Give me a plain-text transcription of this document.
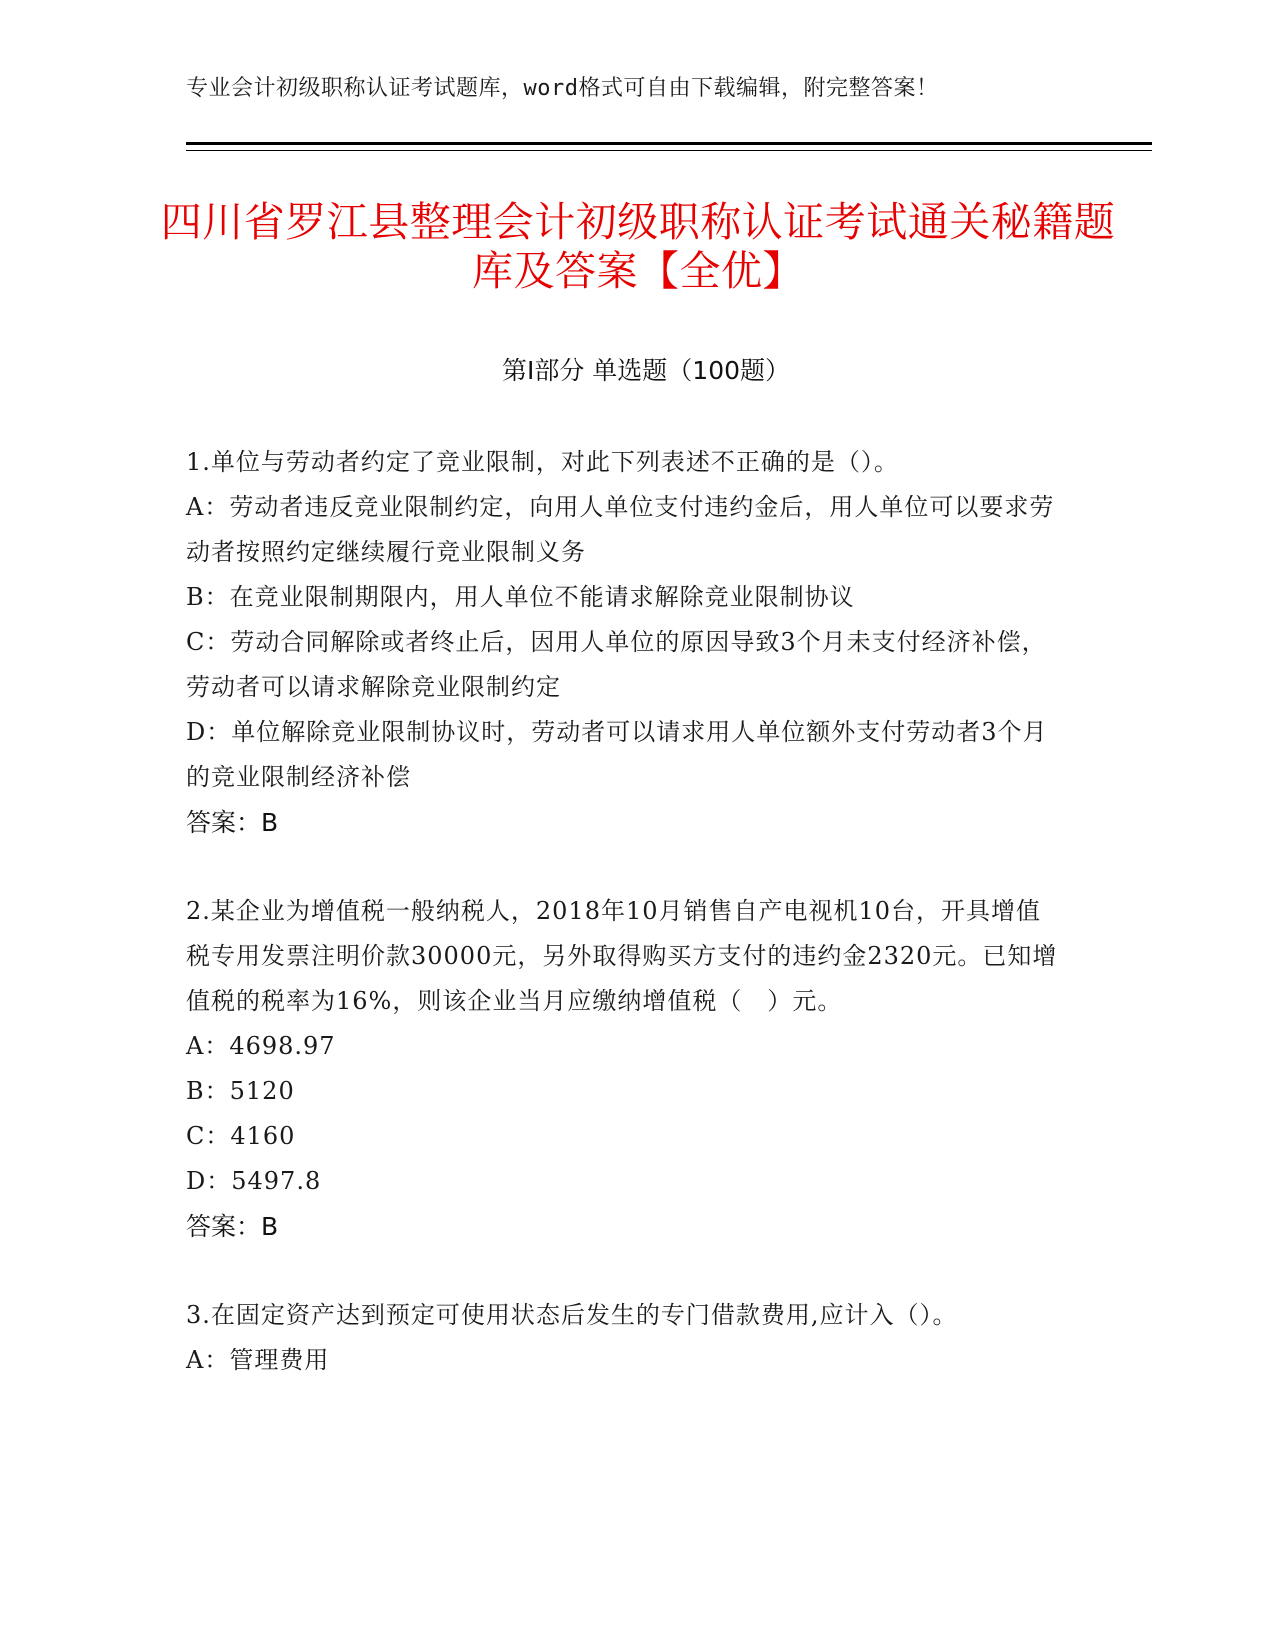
专业会计初级职称认证考试题库，word格式可自由下载编辑，附完整答案！
四川省罗江县整理会计初级职称认证考试通关秘籍题库及答案【全优】
第Ⅰ部分 单选题（100题）

1.单位与劳动者约定了竞业限制，对此下列表述不正确的是（）。

A：劳动者违反竞业限制约定，向用人单位支付违约金后，用人单位可以要求劳动者按照约定继续履行竞业限制义务

B：在竞业限制期限内，用人单位不能请求解除竞业限制协议

C：劳动合同解除或者终止后，因用人单位的原因导致3个月未支付经济补偿，劳动者可以请求解除竞业限制约定

D：单位解除竞业限制协议时，劳动者可以请求用人单位额外支付劳动者3个月的竞业限制经济补偿

答案：B

2.某企业为增值税一般纳税人，2018年10月销售自产电视机10台，开具增值税专用发票注明价款30000元，另外取得购买方支付的违约金2320元。已知增值税的税率为16%，则该企业当月应缴纳增值税（　）元。

A：4698.97

B：5120

C：4160

D：5497.8

答案：B

3.在固定资产达到预定可使用状态后发生的专门借款费用,应计入（）。

A：管理费用
